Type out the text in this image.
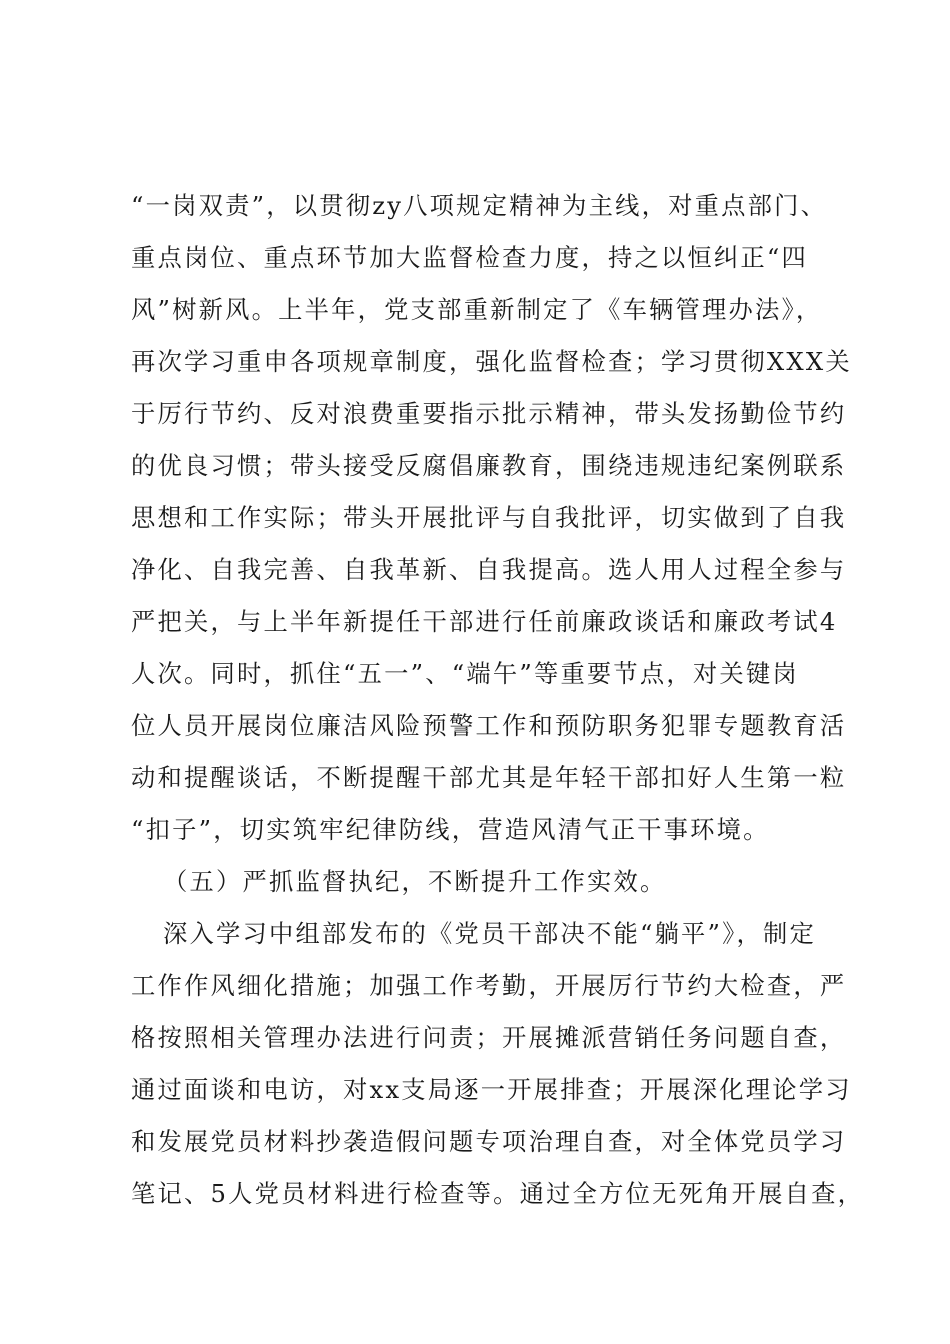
“一岗双责”，以贯彻zy八项规定精神为主线，对重点部门、
重点岗位、重点环节加大监督检查力度，持之以恒纠正“四
风”树新风。上半年，党支部重新制定了《车辆管理办法》，
再次学习重申各项规章制度，强化监督检查；学习贯彻XXX关
于厉行节约、反对浪费重要指示批示精神，带头发扬勤俭节约
的优良习惯；带头接受反腐倡廉教育，围绕违规违纪案例联系
思想和工作实际；带头开展批评与自我批评，切实做到了自我
净化、自我完善、自我革新、自我提高。选人用人过程全参与
严把关，与上半年新提任干部进行任前廉政谈话和廉政考试4
人次。同时，抓住“五一”、“端午”等重要节点，对关键岗
位人员开展岗位廉洁风险预警工作和预防职务犯罪专题教育活
动和提醒谈话，不断提醒干部尤其是年轻干部扣好人生第一粒
“扣子”，切实筑牢纪律防线，营造风清气正干事环境。
（五）严抓监督执纪，不断提升工作实效。
深入学习中组部发布的《党员干部决不能“躺平”》，制定
工作作风细化措施；加强工作考勤，开展厉行节约大检查，严
格按照相关管理办法进行问责；开展摊派营销任务问题自查，
通过面谈和电访，对xx支局逐一开展排查；开展深化理论学习
和发展党员材料抄袭造假问题专项治理自查，对全体党员学习
笔记、5人党员材料进行检查等。通过全方位无死角开展自查，
